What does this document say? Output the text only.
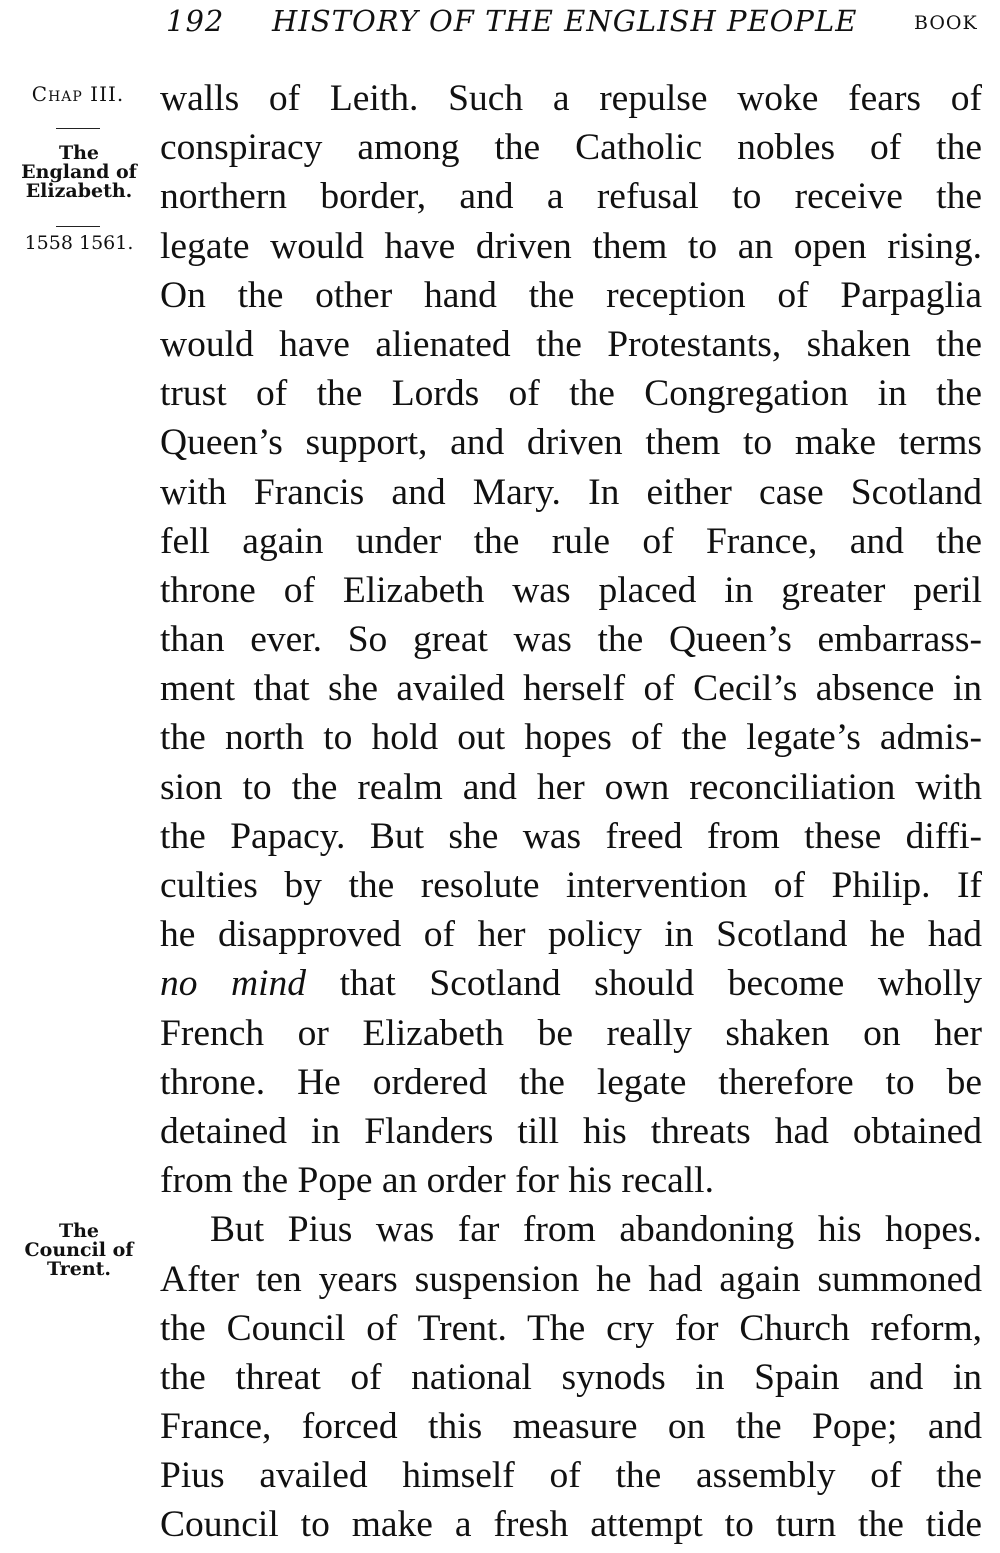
192 HISTORY OF THE ENGLISH PEOPLE	BOOK
Chap III.
The
England of
Elizabeth.
1558 1561.
The
Council of
Trent.
walls of Leith. Such a repulse woke fears of
conspiracy among the Catholic nobles of the
northern border, and a refusal to receive the
legate would have driven them to an open rising.
On the other hand the reception of Parpaglia
would have alienated the Protestants, shaken the
trust of the Lords of the Congregation in the
Queen’s support, and driven them to make terms
with Francis and Mary. In either case Scotland
fell again under the rule of France, and the
throne of Elizabeth was placed in greater peril
than ever. So great was the Queen’s embarrass-
ment that she availed herself of Cecil’s absence in
the north to hold out hopes of the legate’s admis-
sion to the realm and her own reconciliation with
the Papacy. But she was freed from these diffi-
culties by the resolute intervention of Philip. If
he disapproved of her policy in Scotland he had
no mind that Scotland should become wholly
French or Elizabeth be really shaken on her
throne. He ordered the legate therefore to be
detained in Flanders till his threats had obtained
from the Pope an order for his recall.
But Pius was far from abandoning his hopes.
After ten years suspension he had again summoned
the Council of Trent. The cry for Church reform,
the threat of national synods in Spain and in
France, forced this measure on the Pope; and
Pius availed himself of the assembly of the
Council to make a fresh attempt to turn the tide
